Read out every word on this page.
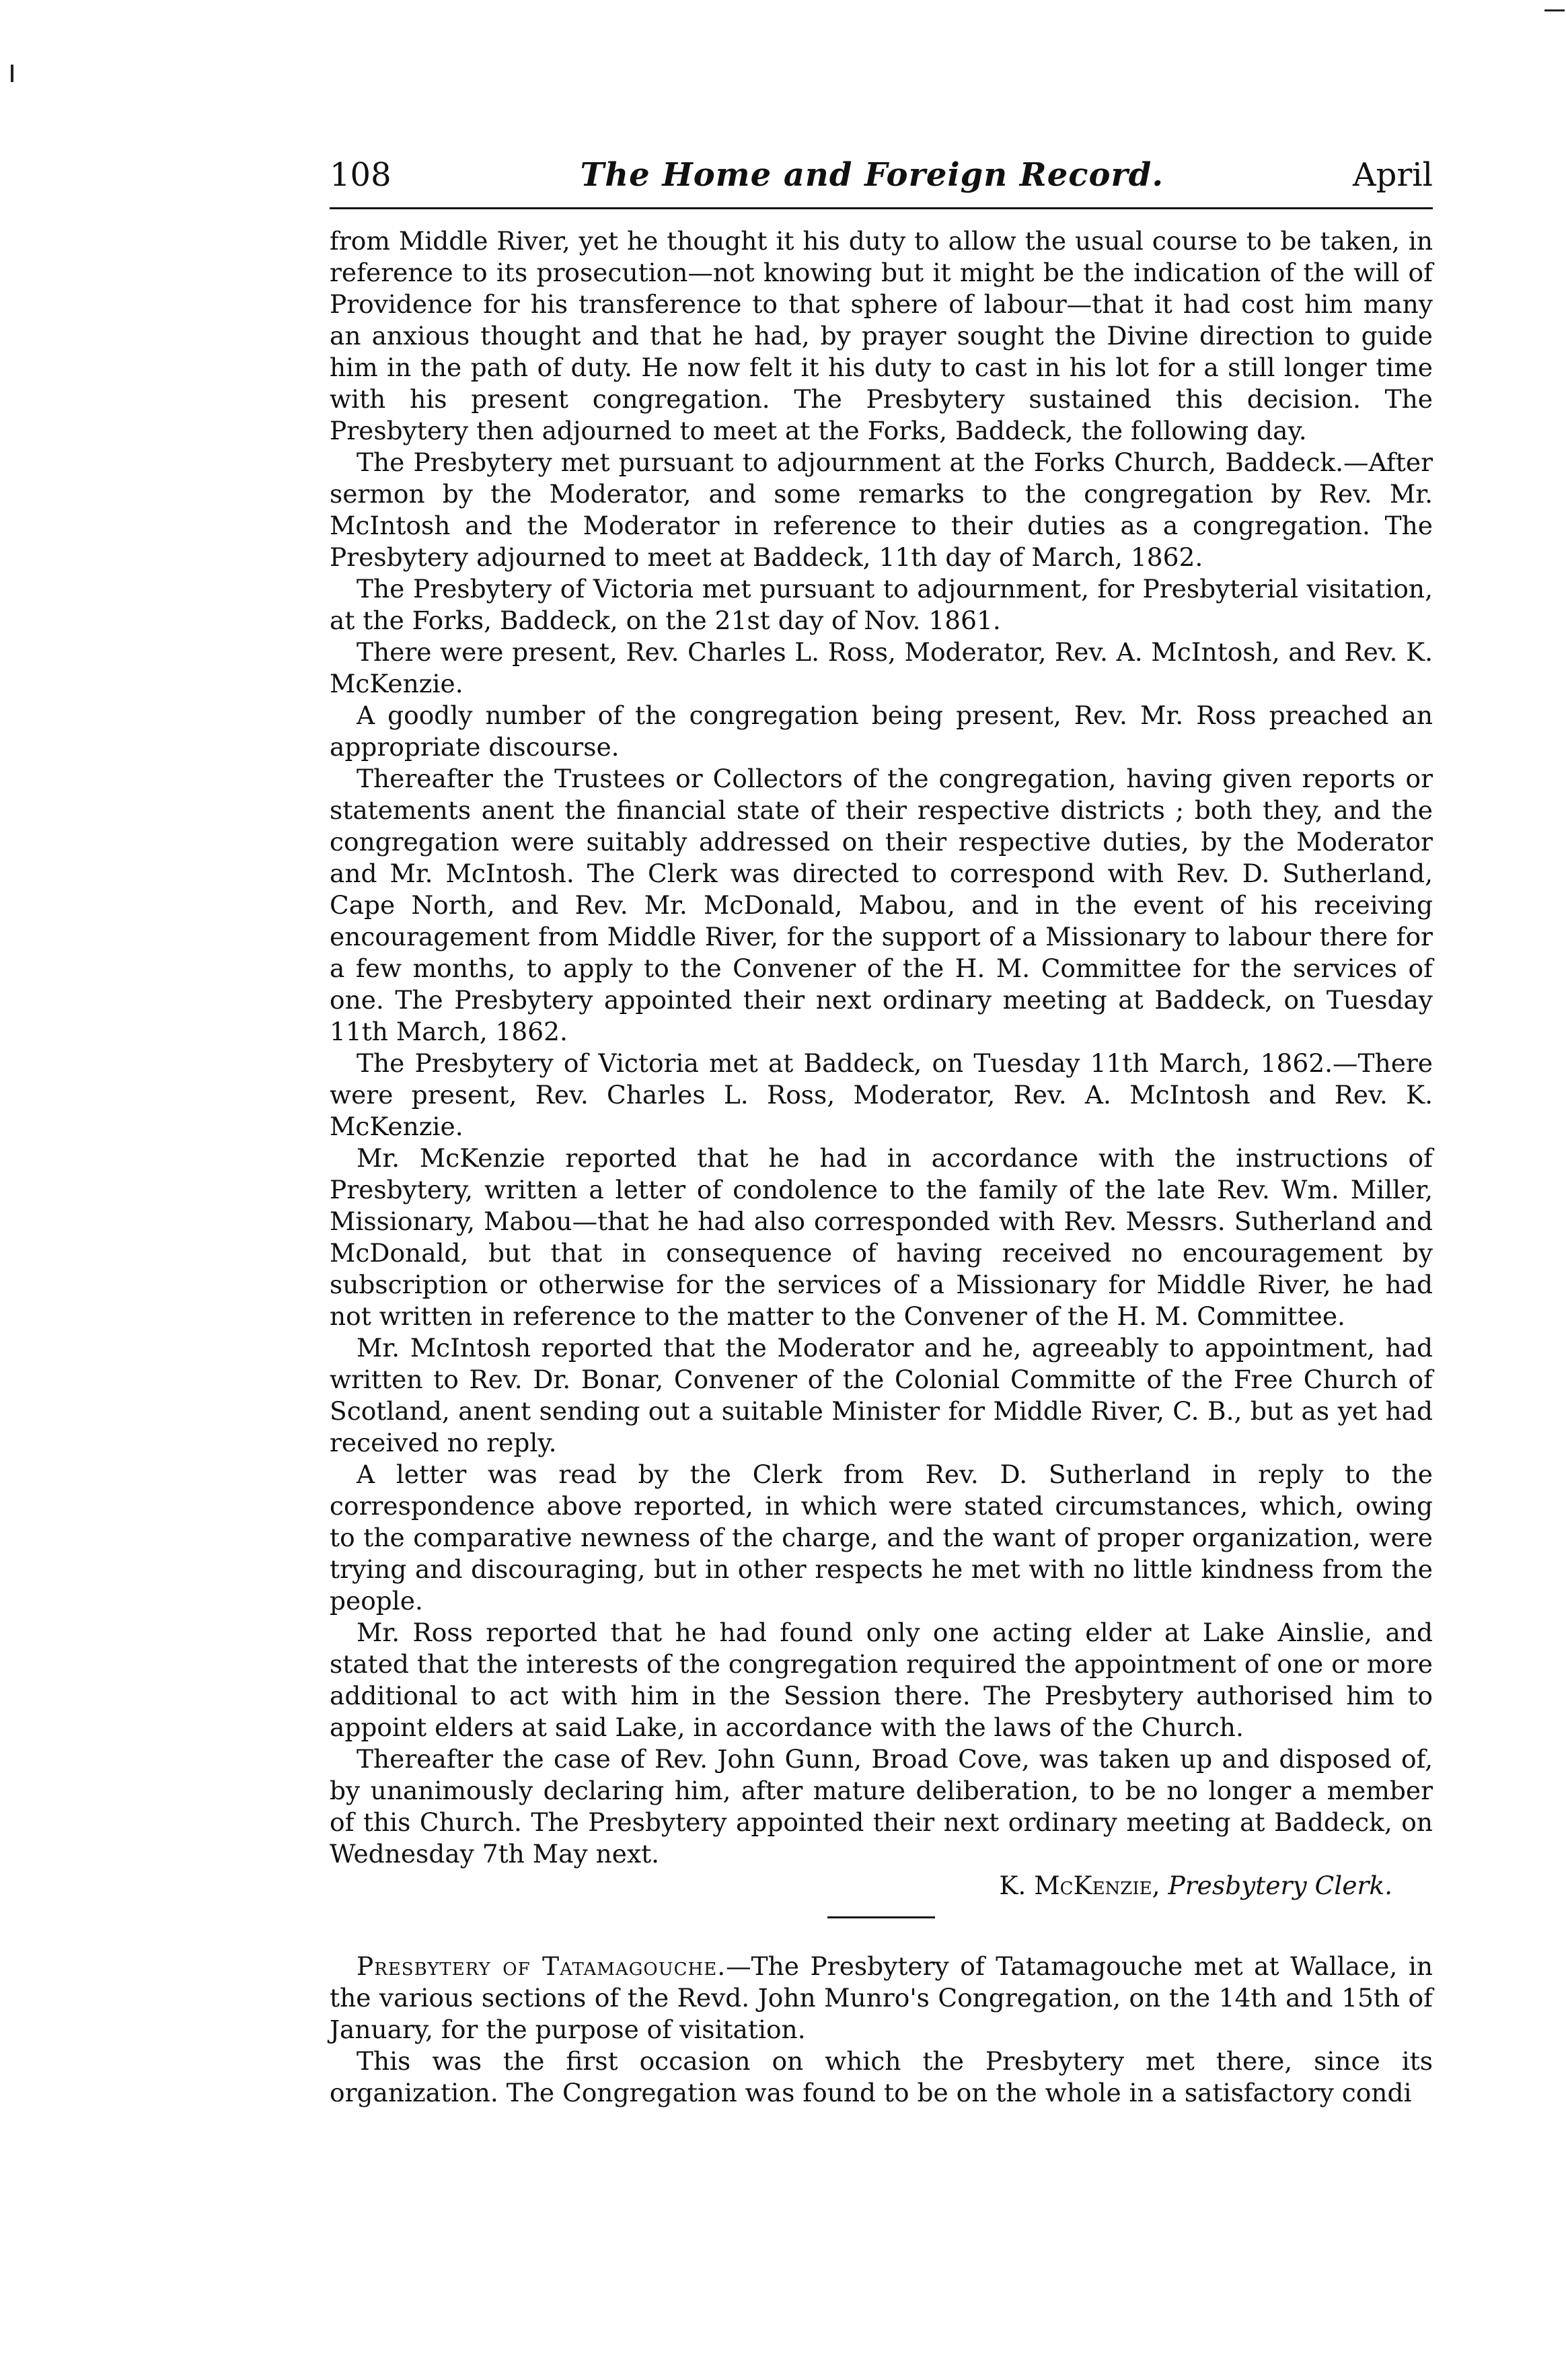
108	The Home and Foreign Record.	April

from Middle River, yet he thought it his duty to allow the usual course to be taken, in reference to its prosecution—not knowing but it might be the indication of the will of Providence for his transference to that sphere of labour—that it had cost him many an anxious thought and that he had, by prayer sought the Divine direction to guide him in the path of duty. He now felt it his duty to cast in his lot for a still longer time with his present congregation. The Presbytery sustained this decision. The Presbytery then adjourned to meet at the Forks, Baddeck, the following day.

The Presbytery met pursuant to adjournment at the Forks Church, Baddeck.—After sermon by the Moderator, and some remarks to the congregation by Rev. Mr. McIntosh and the Moderator in reference to their duties as a congregation. The Presbytery adjourned to meet at Baddeck, 11th day of March, 1862.

The Presbytery of Victoria met pursuant to adjournment, for Presbyterial visitation, at the Forks, Baddeck, on the 21st day of Nov. 1861.

There were present, Rev. Charles L. Ross, Moderator, Rev. A. McIntosh, and Rev. K. McKenzie.

A goodly number of the congregation being present, Rev. Mr. Ross preached an appropriate discourse.

Thereafter the Trustees or Collectors of the congregation, having given reports or statements anent the financial state of their respective districts ; both they, and the congregation were suitably addressed on their respective duties, by the Moderator and Mr. McIntosh. The Clerk was directed to correspond with Rev. D. Sutherland, Cape North, and Rev. Mr. McDonald, Mabou, and in the event of his receiving encouragement from Middle River, for the support of a Missionary to labour there for a few months, to apply to the Convener of the H. M. Committee for the services of one. The Presbytery appointed their next ordinary meeting at Baddeck, on Tuesday 11th March, 1862.

The Presbytery of Victoria met at Baddeck, on Tuesday 11th March, 1862.—There were present, Rev. Charles L. Ross, Moderator, Rev. A. McIntosh and Rev. K. McKenzie.

Mr. McKenzie reported that he had in accordance with the instructions of Presbytery, written a letter of condolence to the family of the late Rev. Wm. Miller, Missionary, Mabou—that he had also corresponded with Rev. Messrs. Sutherland and McDonald, but that in consequence of having received no encouragement by subscription or otherwise for the services of a Missionary for Middle River, he had not written in reference to the matter to the Convener of the H. M. Committee.

Mr. McIntosh reported that the Moderator and he, agreeably to appointment, had written to Rev. Dr. Bonar, Convener of the Colonial Committe of the Free Church of Scotland, anent sending out a suitable Minister for Middle River, C. B., but as yet had received no reply.

A letter was read by the Clerk from Rev. D. Sutherland in reply to the correspondence above reported, in which were stated circumstances, which, owing to the comparative newness of the charge, and the want of proper organization, were trying and discouraging, but in other respects he met with no little kindness from the people.

Mr. Ross reported that he had found only one acting elder at Lake Ainslie, and stated that the interests of the congregation required the appointment of one or more additional to act with him in the Session there. The Presbytery authorised him to appoint elders at said Lake, in accordance with the laws of the Church.

Thereafter the case of Rev. John Gunn, Broad Cove, was taken up and disposed of, by unanimously declaring him, after mature deliberation, to be no longer a member of this Church. The Presbytery appointed their next ordinary meeting at Baddeck, on Wednesday 7th May next.

K. McKenzie, Presbytery Clerk.

Presbytery of Tatamagouche.—The Presbytery of Tatamagouche met at Wallace, in the various sections of the Revd. John Munro's Congregation, on the 14th and 15th of January, for the purpose of visitation.

This was the first occasion on which the Presbytery met there, since its organization. The Congregation was found to be on the whole in a satisfactory condi
